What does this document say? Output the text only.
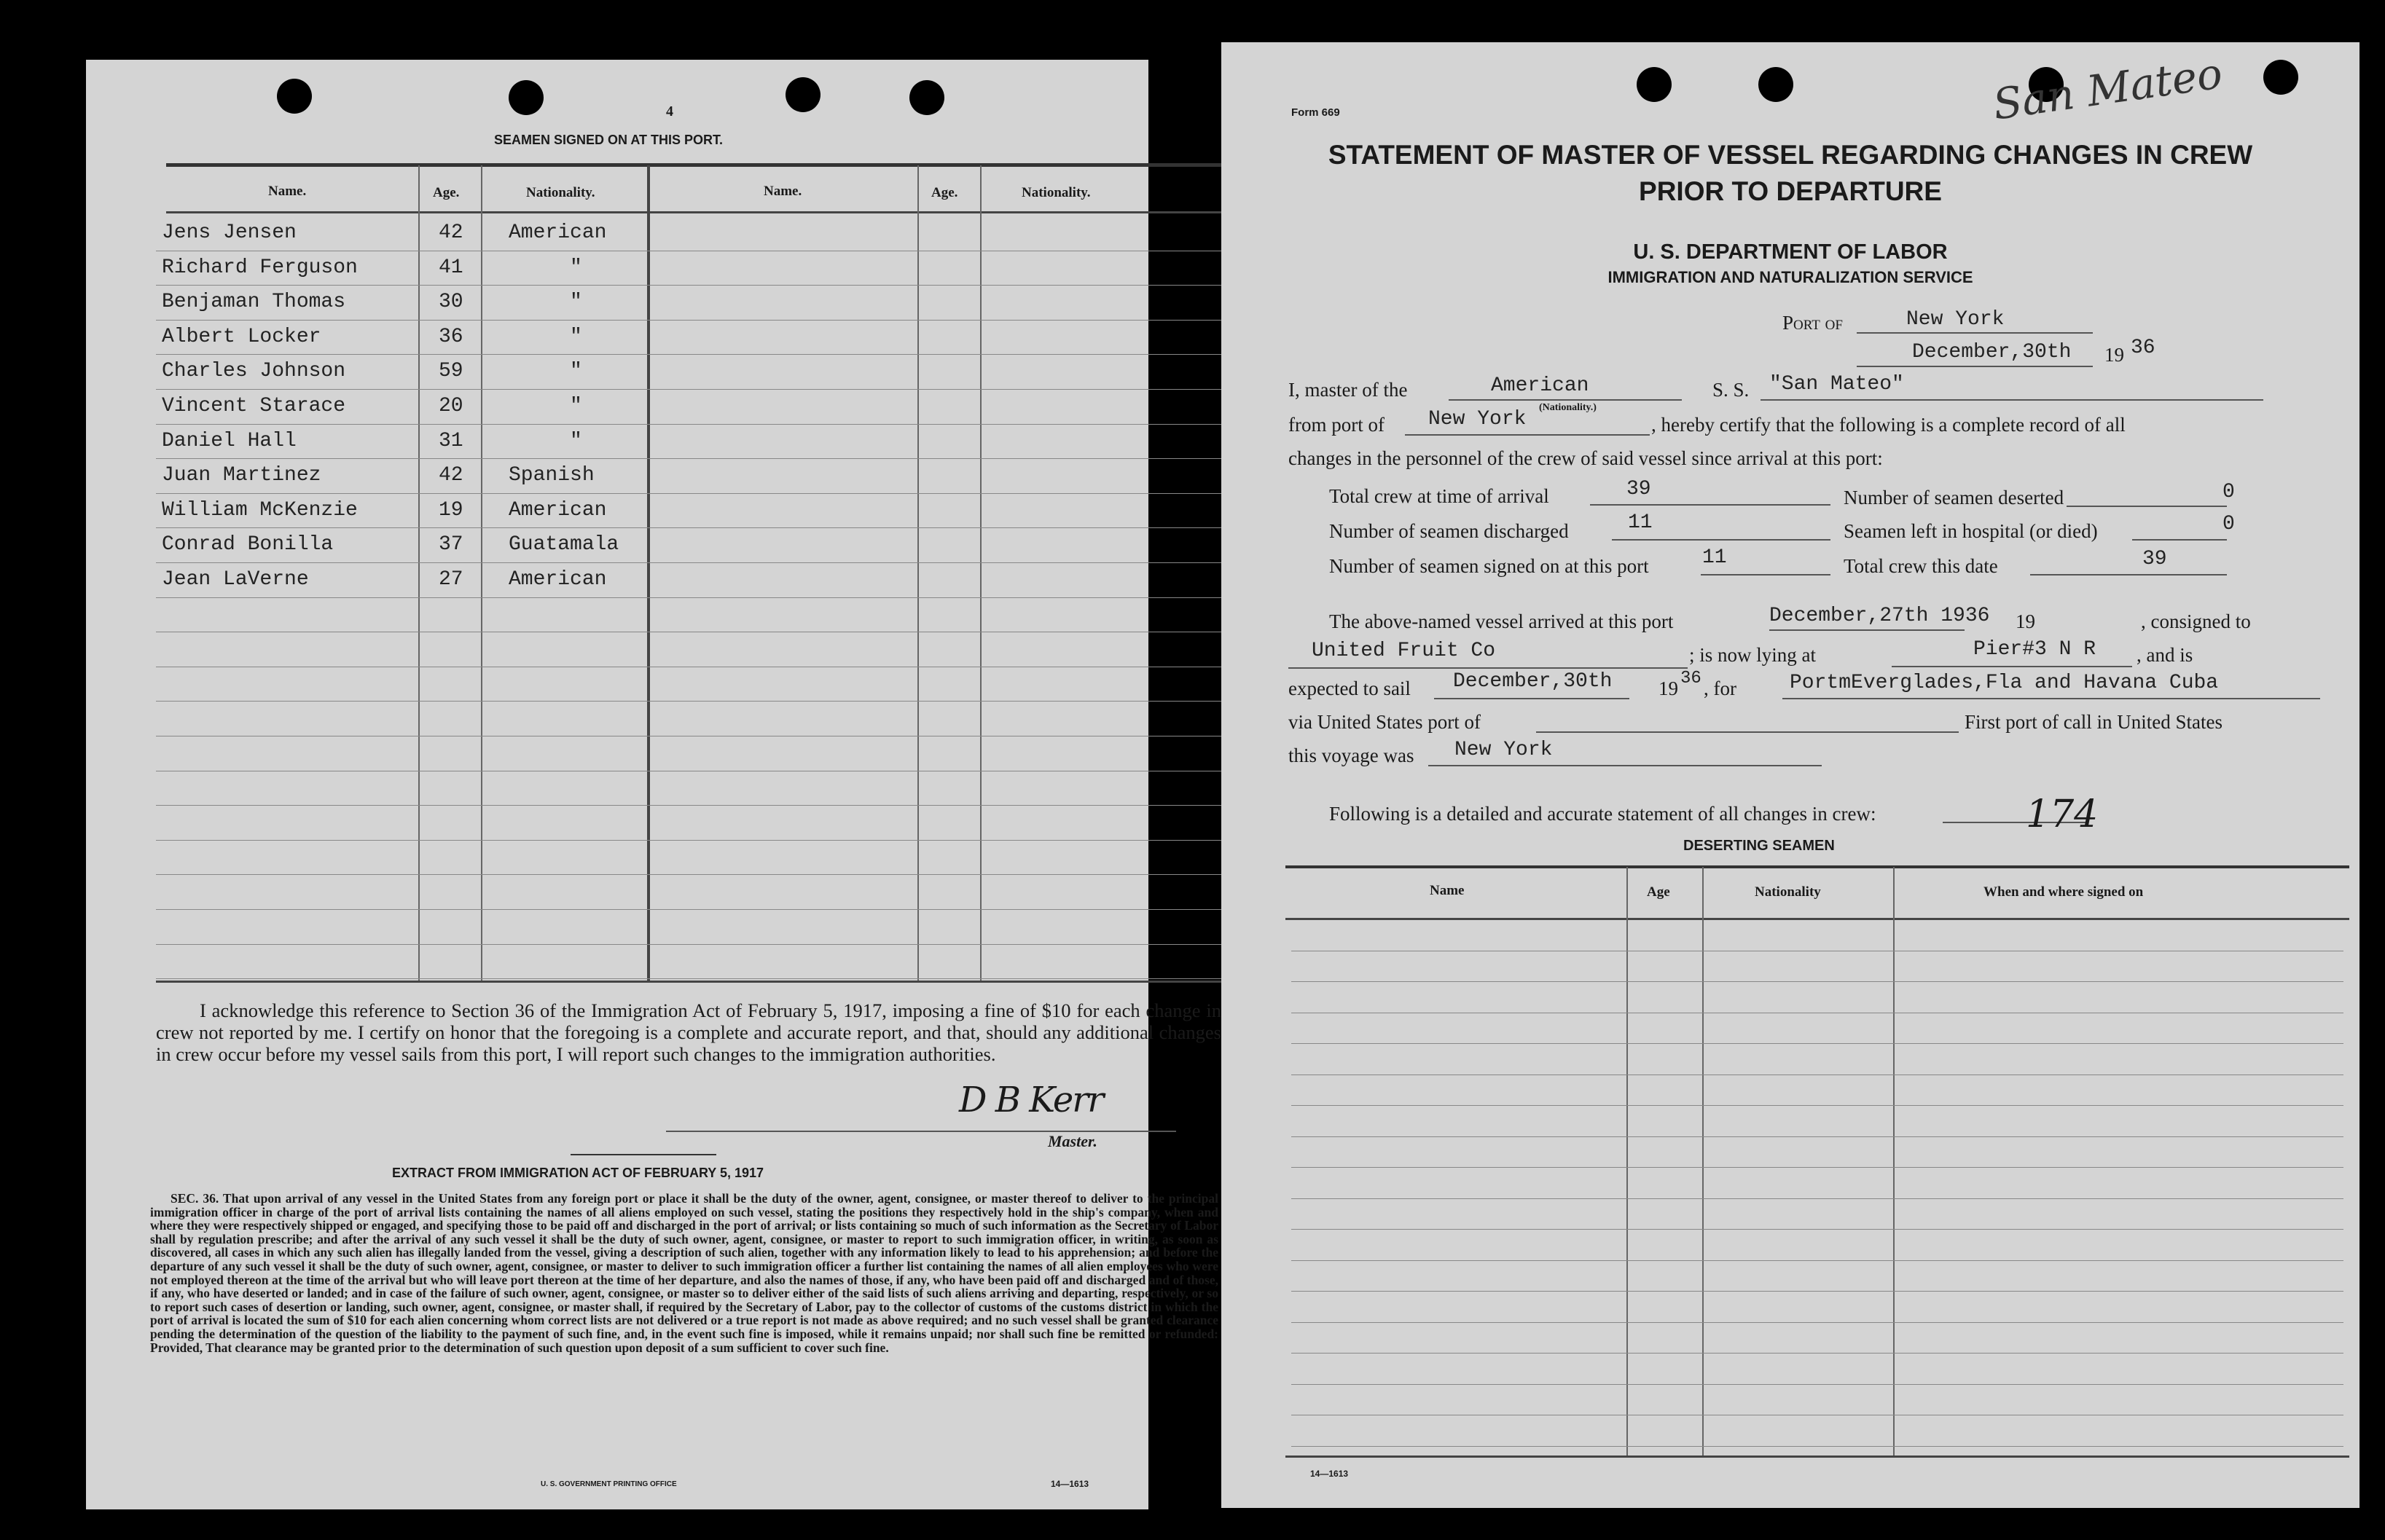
4
SEAMEN SIGNED ON AT THIS PORT.
Name.	Age.	Nationality.	Name.	Age.	Nationality.
Jens Jensen	42 American
Richard Ferguson	41	"
Benjaman Thomas	30	"
Albert Locker	36	"
Charles Johnson	59	"
Vincent Starace	20	"
Daniel Hall	31	"
Juan Martinez	42 Spanish
William McKenzie	19 American
Conrad Bonilla	37 Guatamala
Jean LaVerne	27 American
I acknowledge this reference to Section 36 of the Immigration Act of February 5, 1917, imposing a fine of $10 for each change in crew not reported by me. I certify on honor that the foregoing is a complete and accurate report, and that, should any additional changes in crew occur before my vessel sails from this port, I will report such changes to the immigration authorities.
D B Kerr
Master.
EXTRACT FROM IMMIGRATION ACT OF FEBRUARY 5, 1917
SEC. 36. That upon arrival of any vessel in the United States from any foreign port or place it shall be the duty of the owner, agent, consignee, or master thereof to deliver to the principal immigration officer in charge of the port of arrival lists containing the names of all aliens employed on such vessel, stating the positions they respectively hold in the ship's company, when and where they were respectively shipped or engaged, and specifying those to be paid off and discharged in the port of arrival; or lists containing so much of such information as the Secretary of Labor shall by regulation prescribe; and after the arrival of any such vessel it shall be the duty of such owner, agent, consignee, or master to report to such immigration officer, in writing, as soon as discovered, all cases in which any such alien has illegally landed from the vessel, giving a description of such alien, together with any information likely to lead to his apprehension; and before the departure of any such vessel it shall be the duty of such owner, agent, consignee, or master to deliver to such immigration officer a further list containing the names of all alien employees who were not employed thereon at the time of the arrival but who will leave port thereon at the time of her departure, and also the names of those, if any, who have been paid off and discharged and of those, if any, who have deserted or landed; and in case of the failure of such owner, agent, consignee, or master so to deliver either of the said lists of such aliens arriving and departing, respectively, or so to report such cases of desertion or landing, such owner, agent, consignee, or master shall, if required by the Secretary of Labor, pay to the collector of customs of the customs district in which the port of arrival is located the sum of $10 for each alien concerning whom correct lists are not delivered or a true report is not made as above required; and no such vessel shall be granted clearance pending the determination of the question of the liability to the payment of such fine, and, in the event such fine is imposed, while it remains unpaid; nor shall such fine be remitted or refunded: Provided, That clearance may be granted prior to the determination of such question upon deposit of a sum sufficient to cover such fine.
U. S. GOVERNMENT PRINTING OFFICE	14—1613
San Mateo
Form 669
STATEMENT OF MASTER OF VESSEL REGARDING CHANGES IN CREW
PRIOR TO DEPARTURE
U. S. DEPARTMENT OF LABOR
IMMIGRATION AND NATURALIZATION SERVICE
Port of	New York
December,30th 19 36
I, master of the	American
(Nationality.)
S. S. "San Mateo"
from port of New York	, hereby certify that the following is a complete record of all
changes in the personnel of the crew of said vessel since arrival at this port:
Total crew at time of arrival	39	Number of seamen deserted	0
Number of seamen discharged	11	Seamen left in hospital (or died)	0
Number of seamen signed on at this port	11	Total crew this date	39
The above-named vessel arrived at this port	December,27th 1936 19	, consigned to
United Fruit Co	; is now lying at	Pier#3 N R , and is
expected to sail December,30th 19 36 , for	PortmEverglades,Fla and Havana Cuba
via United States port of	First port of call in United States
this voyage was New York
Following is a detailed and accurate statement of all changes in crew:	174
DESERTING SEAMEN
Name	Age	Nationality	When and where signed on
14—1613
